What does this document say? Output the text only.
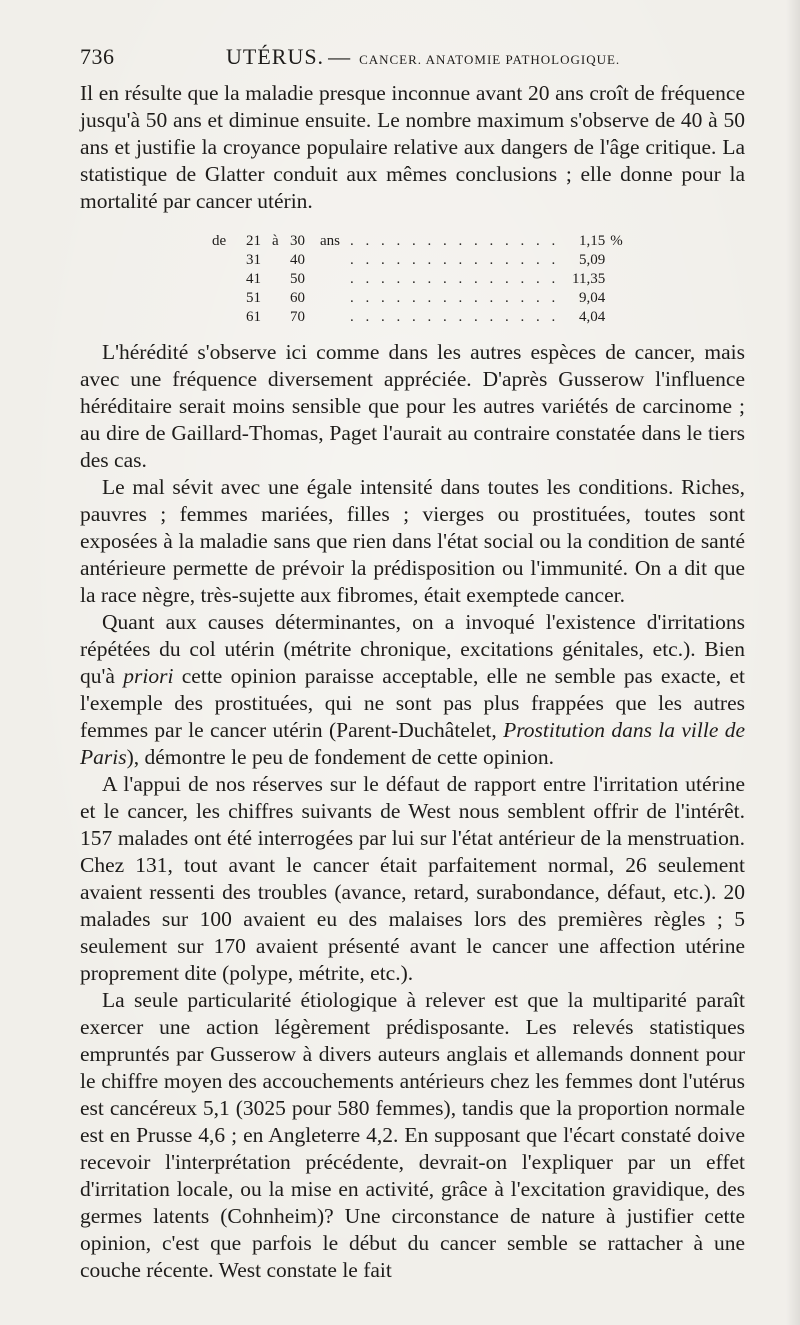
736	UTÉRUS. — CANCER. ANATOMIE PATHOLOGIQUE.

Il en résulte que la maladie presque inconnue avant 20 ans croît de fréquence jusqu'à 50 ans et diminue ensuite. Le nombre maximum s'observe de 40 à 50 ans et justifie la croyance populaire relative aux dangers de l'âge critique. La statistique de Glatter conduit aux mêmes conclusions ; elle donne pour la mortalité par cancer utérin.

de	21	à	30	ans	. . . . . . . . . . . . . .	1,15	%
	31		40		. . . . . . . . . . . . . .	5,09	
	41		50		. . . . . . . . . . . . . .	11,35	
	51		60		. . . . . . . . . . . . . .	9,04	
	61		70		. . . . . . . . . . . . . .	4,04	

L'hérédité s'observe ici comme dans les autres espèces de cancer, mais avec une fréquence diversement appréciée. D'après Gusserow l'influence héréditaire serait moins sensible que pour les autres variétés de carcinome ; au dire de Gaillard-Thomas, Paget l'aurait au contraire constatée dans le tiers des cas.

Le mal sévit avec une égale intensité dans toutes les conditions. Riches, pauvres ; femmes mariées, filles ; vierges ou prostituées, toutes sont exposées à la maladie sans que rien dans l'état social ou la condition de santé antérieure permette de prévoir la prédisposition ou l'immunité. On a dit que la race nègre, très-sujette aux fibromes, était exemptede cancer.

Quant aux causes déterminantes, on a invoqué l'existence d'irritations répétées du col utérin (métrite chronique, excitations génitales, etc.). Bien qu'à priori cette opinion paraisse acceptable, elle ne semble pas exacte, et l'exemple des prostituées, qui ne sont pas plus frappées que les autres femmes par le cancer utérin (Parent-Duchâtelet, Prostitution dans la ville de Paris), démontre le peu de fondement de cette opinion.

A l'appui de nos réserves sur le défaut de rapport entre l'irritation utérine et le cancer, les chiffres suivants de West nous semblent offrir de l'intérêt. 157 malades ont été interrogées par lui sur l'état antérieur de la menstruation. Chez 131, tout avant le cancer était parfaitement normal, 26 seulement avaient ressenti des troubles (avance, retard, surabondance, défaut, etc.). 20 malades sur 100 avaient eu des malaises lors des premières règles ; 5 seulement sur 170 avaient présenté avant le cancer une affection utérine proprement dite (polype, métrite, etc.).

La seule particularité étiologique à relever est que la multiparité paraît exercer une action légèrement prédisposante. Les relevés statistiques empruntés par Gusserow à divers auteurs anglais et allemands donnent pour le chiffre moyen des accouchements antérieurs chez les femmes dont l'utérus est cancéreux 5,1 (3025 pour 580 femmes), tandis que la proportion normale est en Prusse 4,6 ; en Angleterre 4,2. En supposant que l'écart constaté doive recevoir l'interprétation précédente, devrait-on l'expliquer par un effet d'irritation locale, ou la mise en activité, grâce à l'excitation gravidique, des germes latents (Cohnheim)? Une circonstance de nature à justifier cette opinion, c'est que parfois le début du cancer semble se rattacher à une couche récente. West constate le fait
